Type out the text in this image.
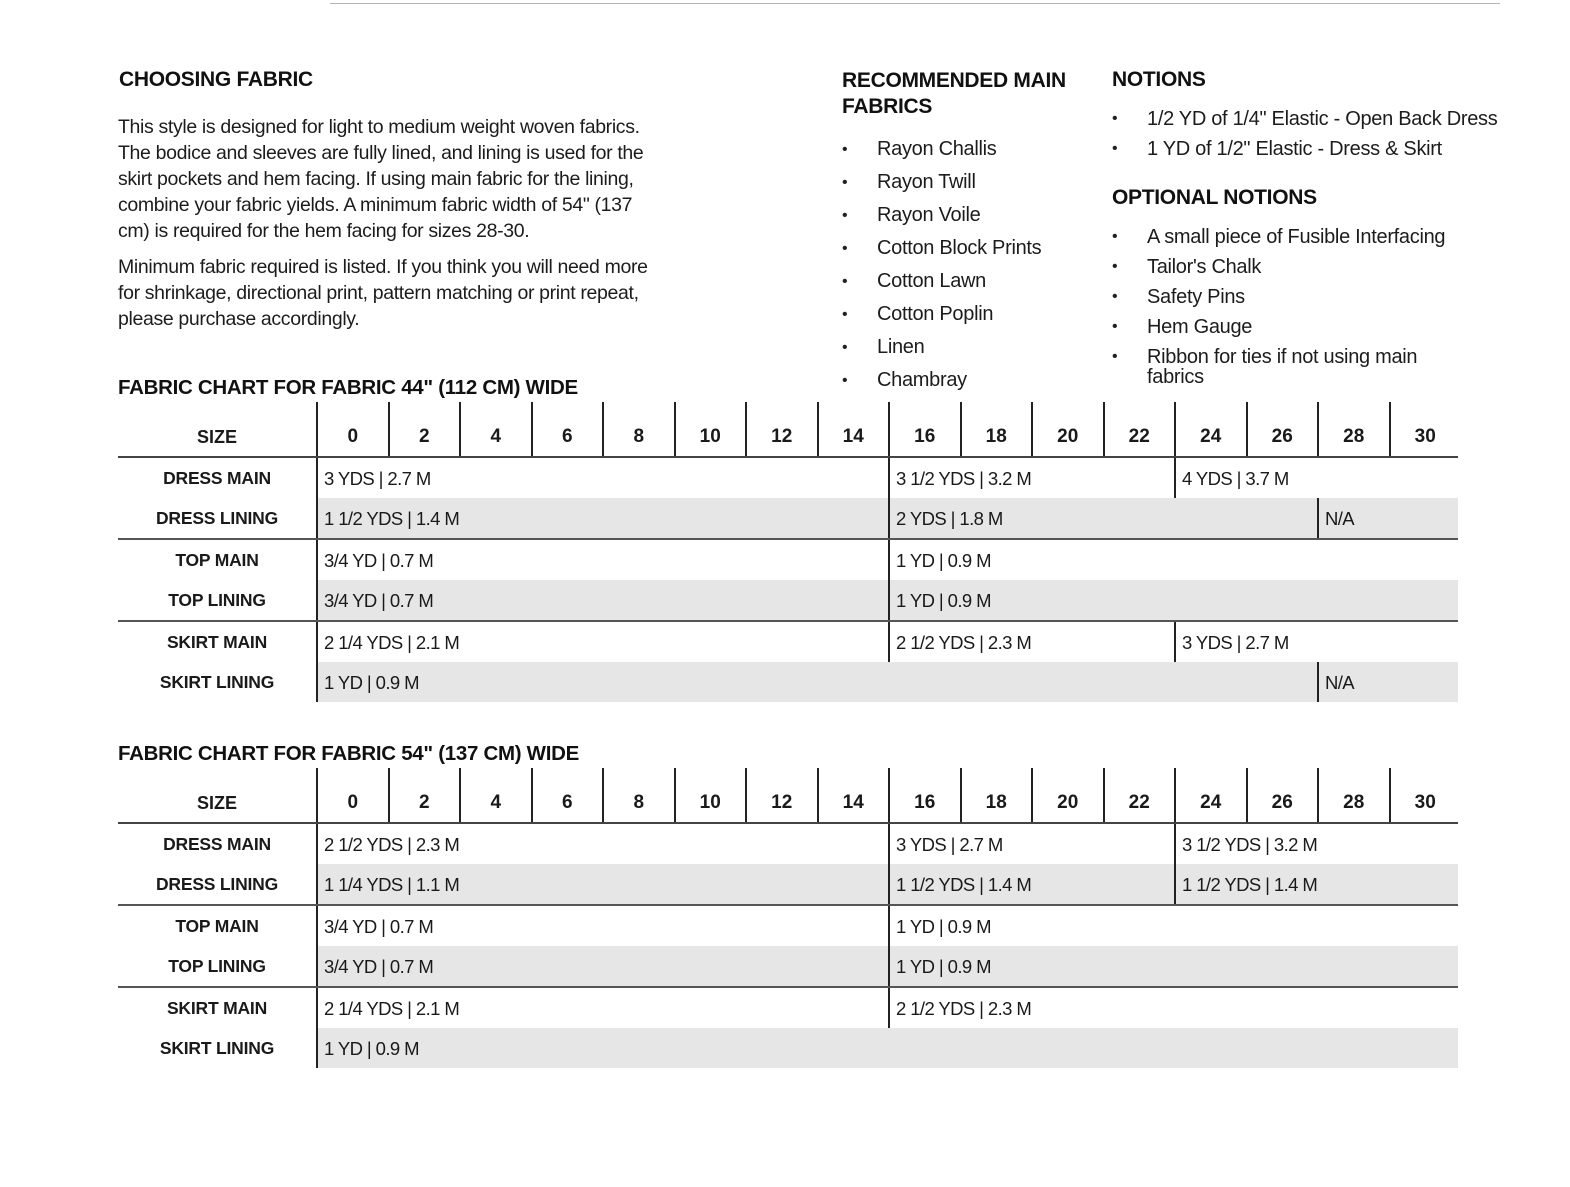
CHOOSING FABRIC
This style is designed for light to medium weight woven fabrics.
The bodice and sleeves are fully lined, and lining is used for the
skirt pockets and hem facing. If using main fabric for the lining,
combine your fabric yields. A minimum fabric width of 54" (137
cm) is required for the hem facing for sizes 28-30.
Minimum fabric required is listed. If you think you will need more
for shrinkage, directional print, pattern matching or print repeat,
please purchase accordingly.
RECOMMENDED MAIN
FABRICS
• Rayon Challis
• Rayon Twill
• Rayon Voile
• Cotton Block Prints
• Cotton Lawn
• Cotton Poplin
• Linen
• Chambray
NOTIONS
• 1/2 YD of 1/4" Elastic - Open Back Dress
• 1 YD of 1/2" Elastic - Dress & Skirt
OPTIONAL NOTIONS
• A small piece of Fusible Interfacing
• Tailor's Chalk
• Safety Pins
• Hem Gauge
• Ribbon for ties if not using main fabrics
FABRIC CHART FOR FABRIC 44" (112 CM) WIDE
SIZE	0	2	4	6	8	10	12	14	16	18	20	22	24	26	28	30
DRESS MAIN	3 YDS | 2.7 M	3 1/2 YDS | 3.2 M	4 YDS | 3.7 M
DRESS LINING	1 1/2 YDS | 1.4 M	2 YDS | 1.8 M	N/A
TOP MAIN	3/4 YD | 0.7 M	1 YD | 0.9 M
TOP LINING	3/4 YD | 0.7 M	1 YD | 0.9 M
SKIRT MAIN	2 1/4 YDS | 2.1 M	2 1/2 YDS | 2.3 M	3 YDS | 2.7 M
SKIRT LINING	1 YD | 0.9 M	N/A
FABRIC CHART FOR FABRIC 54" (137 CM) WIDE
SIZE	0	2	4	6	8	10	12	14	16	18	20	22	24	26	28	30
DRESS MAIN	2 1/2 YDS | 2.3 M	3 YDS | 2.7 M	3 1/2 YDS | 3.2 M
DRESS LINING	1 1/4 YDS | 1.1 M	1 1/2 YDS | 1.4 M	1 1/2 YDS | 1.4 M
TOP MAIN	3/4 YD | 0.7 M	1 YD | 0.9 M
TOP LINING	3/4 YD | 0.7 M	1 YD | 0.9 M
SKIRT MAIN	2 1/4 YDS | 2.1 M	2 1/2 YDS | 2.3 M
SKIRT LINING	1 YD | 0.9 M
